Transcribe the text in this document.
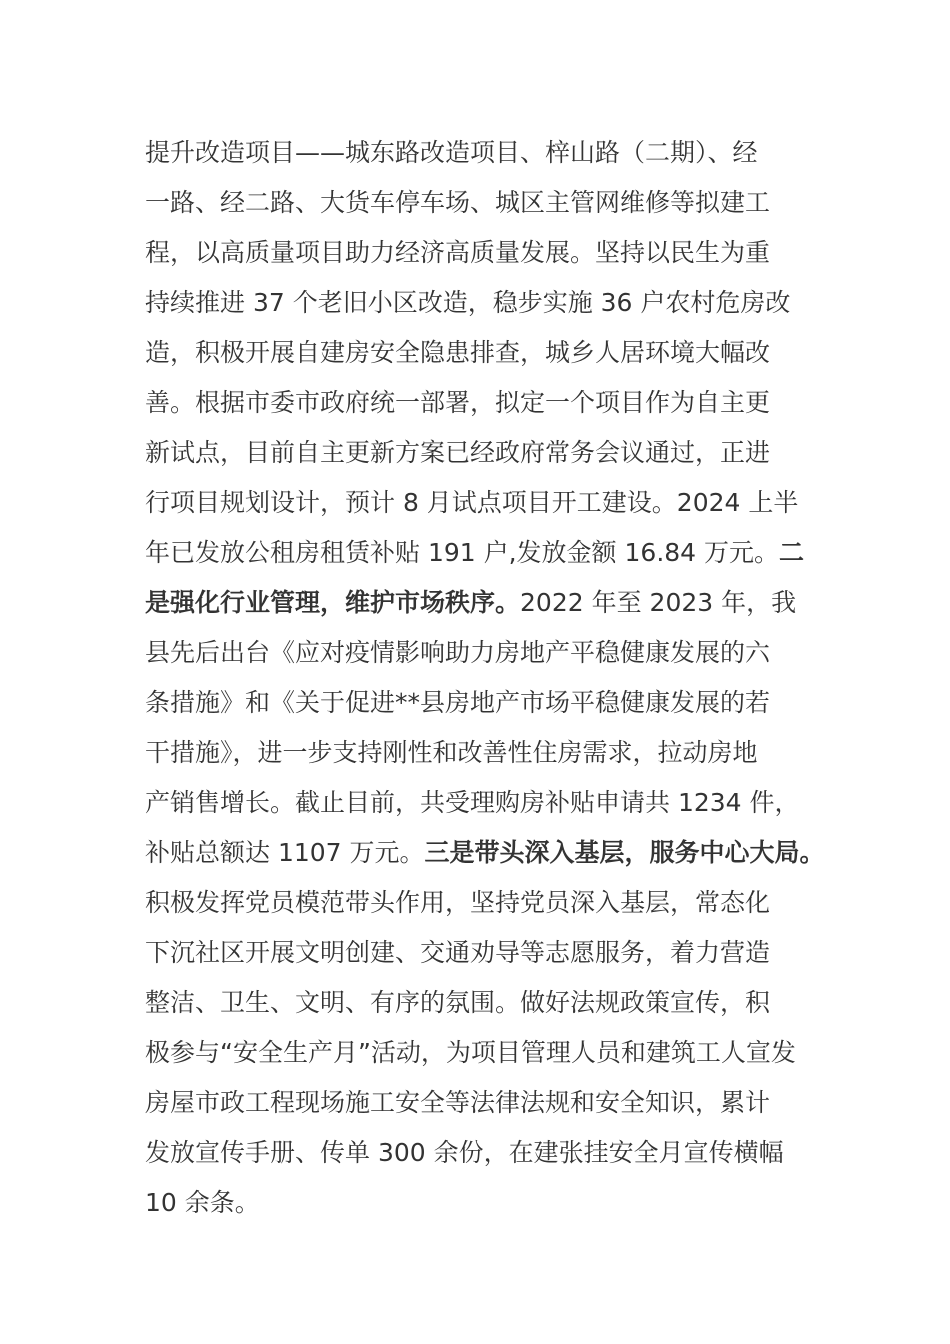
提升改造项目——城东路改造项目、梓山路（二期）、经
一路、经二路、大货车停车场、城区主管网维修等拟建工
程，以高质量项目助力经济高质量发展。坚持以民生为重
持续推进 37 个老旧小区改造，稳步实施 36 户农村危房改
造，积极开展自建房安全隐患排查，城乡人居环境大幅改
善。根据市委市政府统一部署，拟定一个项目作为自主更
新试点，目前自主更新方案已经政府常务会议通过，正进
行项目规划设计，预计 8 月试点项目开工建设。2024 上半
年已发放公租房租赁补贴 191 户,发放金额 16.84 万元。二
是强化行业管理，维护市场秩序。2022 年至 2023 年，我
县先后出台《应对疫情影响助力房地产平稳健康发展的六
条措施》和《关于促进**县房地产市场平稳健康发展的若
干措施》，进一步支持刚性和改善性住房需求，拉动房地
产销售增长。截止目前，共受理购房补贴申请共 1234 件，
补贴总额达 1107 万元。三是带头深入基层，服务中心大局。
积极发挥党员模范带头作用，坚持党员深入基层，常态化
下沉社区开展文明创建、交通劝导等志愿服务，着力营造
整洁、卫生、文明、有序的氛围。做好法规政策宣传，积
极参与“安全生产月”活动，为项目管理人员和建筑工人宣发
房屋市政工程现场施工安全等法律法规和安全知识，累计
发放宣传手册、传单 300 余份，在建张挂安全月宣传横幅
10 余条。
